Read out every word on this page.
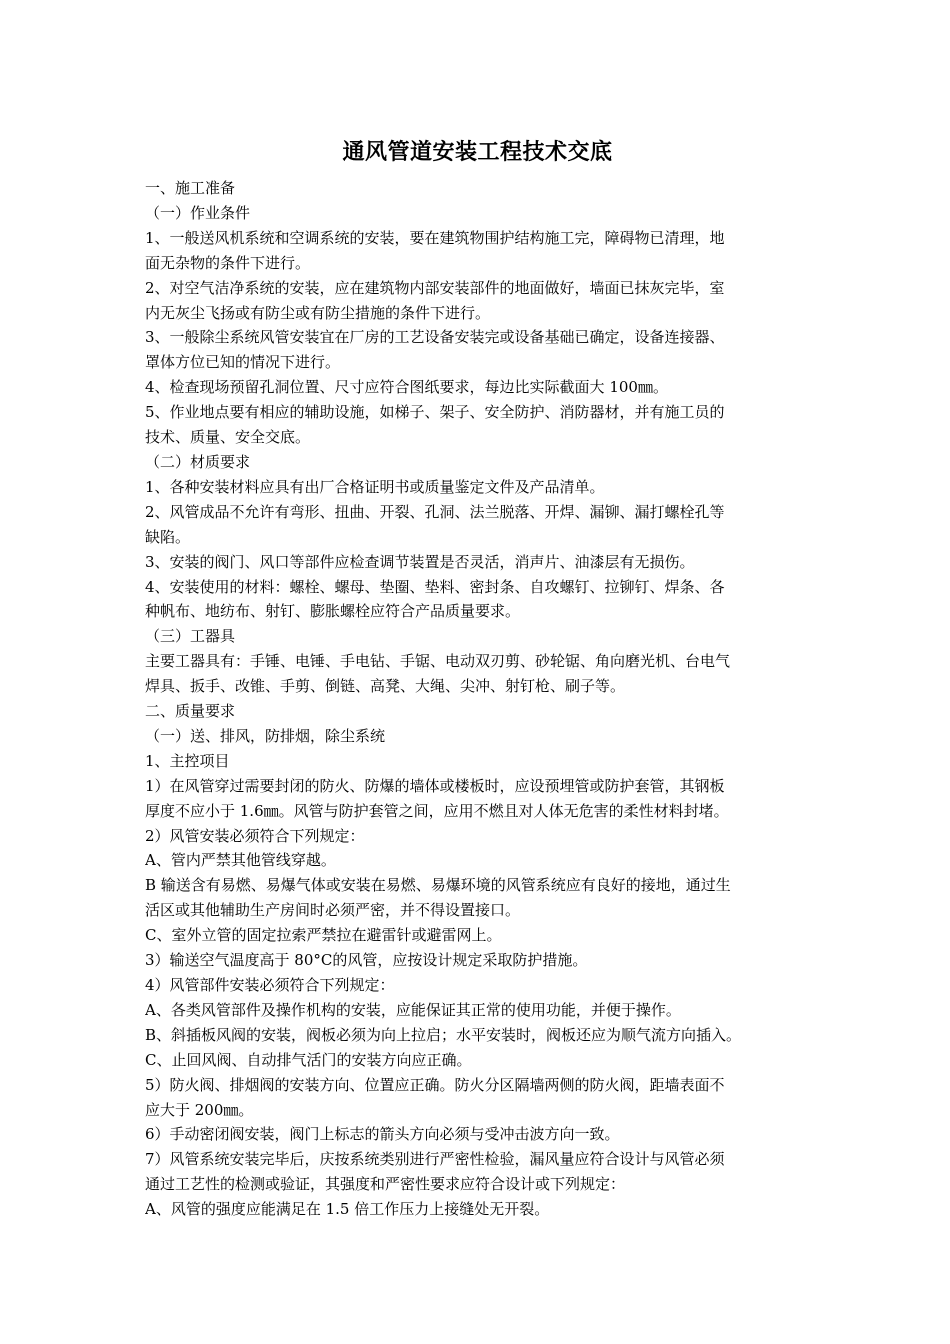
通风管道安装工程技术交底
一、施工准备
（一）作业条件
1、一般送风机系统和空调系统的安装，要在建筑物围护结构施工完，障碍物已清理，地
面无杂物的条件下进行。
2、对空气洁净系统的安装，应在建筑物内部安装部件的地面做好，墙面已抹灰完毕，室
内无灰尘飞扬或有防尘或有防尘措施的条件下进行。
3、一般除尘系统风管安装宜在厂房的工艺设备安装完或设备基础已确定，设备连接器、
罩体方位已知的情况下进行。
4、检查现场预留孔洞位置、尺寸应符合图纸要求，每边比实际截面大 100㎜。
5、作业地点要有相应的辅助设施，如梯子、架子、安全防护、消防器材，并有施工员的
技术、质量、安全交底。
（二）材质要求
1、各种安装材料应具有出厂合格证明书或质量鉴定文件及产品清单。
2、风管成品不允许有弯形、扭曲、开裂、孔洞、法兰脱落、开焊、漏铆、漏打螺栓孔等
缺陷。
3、安装的阀门、风口等部件应检查调节装置是否灵活，消声片、油漆层有无损伤。
4、安装使用的材料：螺栓、螺母、垫圈、垫料、密封条、自攻螺钉、拉铆钉、焊条、各
种帆布、地纺布、射钉、膨胀螺栓应符合产品质量要求。
（三）工器具
主要工器具有：手锤、电锤、手电钻、手锯、电动双刃剪、砂轮锯、角向磨光机、台电气
焊具、扳手、改锥、手剪、倒链、高凳、大绳、尖冲、射钉枪、刷子等。
二、质量要求
（一）送、排风，防排烟，除尘系统
1、主控项目
1）在风管穿过需要封闭的防火、防爆的墙体或楼板时，应设预埋管或防护套管，其钢板
厚度不应小于 1.6㎜。风管与防护套管之间，应用不燃且对人体无危害的柔性材料封堵。
2）风管安装必须符合下列规定：
A、管内严禁其他管线穿越。
B 输送含有易燃、易爆气体或安装在易燃、易爆环境的风管系统应有良好的接地，通过生
活区或其他辅助生产房间时必须严密，并不得设置接口。
C、室外立管的固定拉索严禁拉在避雷针或避雷网上。
3）输送空气温度高于 80°C的风管，应按设计规定采取防护措施。
4）风管部件安装必须符合下列规定：
A、各类风管部件及操作机构的安装，应能保证其正常的使用功能，并便于操作。
B、斜插板风阀的安装，阀板必须为向上拉启；水平安装时，阀板还应为顺气流方向插入。
C、止回风阀、自动排气活门的安装方向应正确。
5）防火阀、排烟阀的安装方向、位置应正确。防火分区隔墙两侧的防火阀，距墙表面不
应大于 200㎜。
6）手动密闭阀安装，阀门上标志的箭头方向必须与受冲击波方向一致。
7）风管系统安装完毕后，庆按系统类别进行严密性检验，漏风量应符合设计与风管必须
通过工艺性的检测或验证，其强度和严密性要求应符合设计或下列规定：
A、风管的强度应能满足在 1.5 倍工作压力上接缝处无开裂。
